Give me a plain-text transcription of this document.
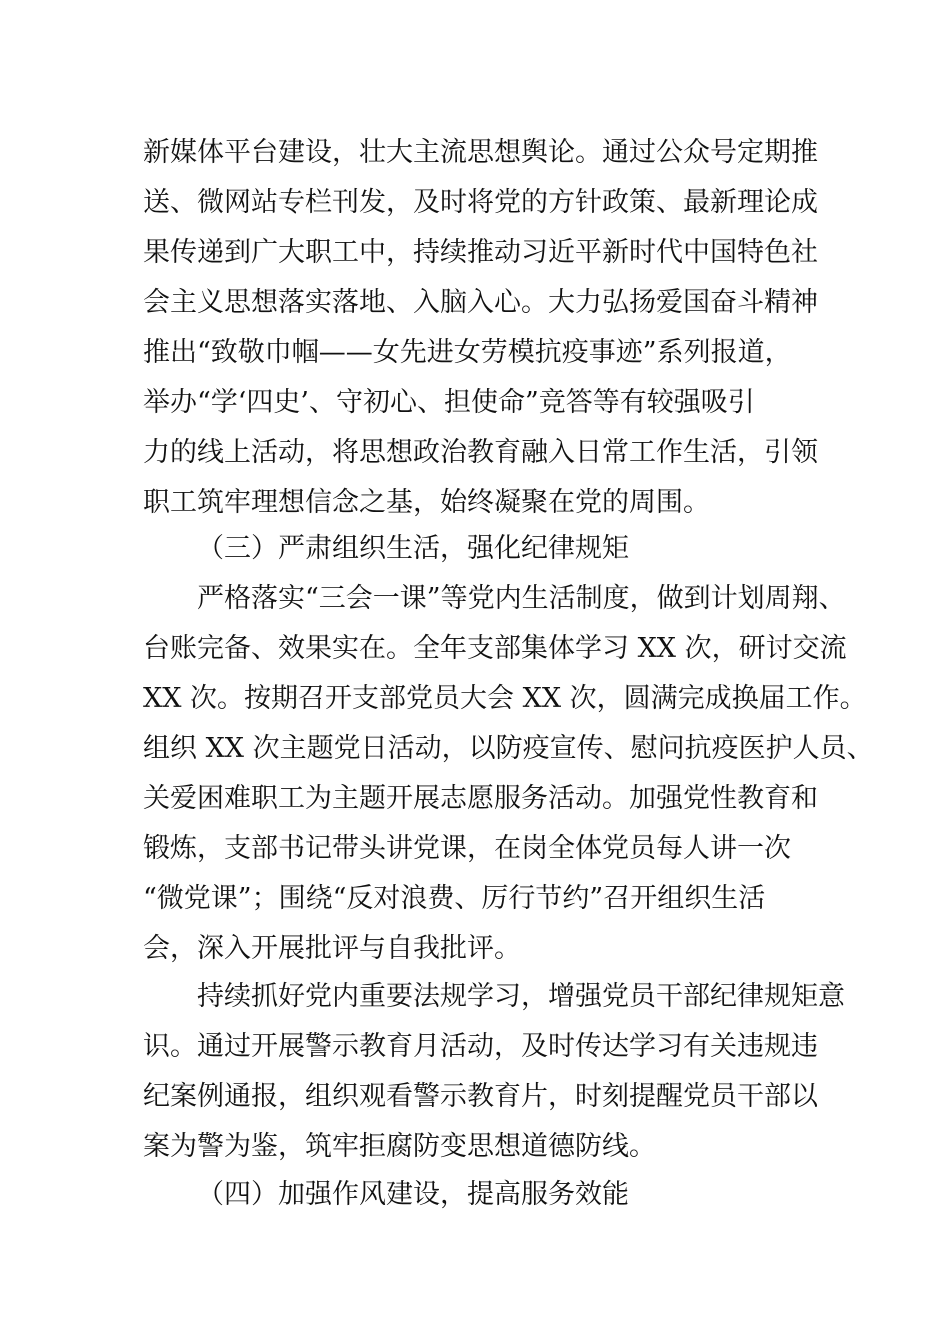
新媒体平台建设，壮大主流思想舆论。通过公众号定期推
送、微网站专栏刊发，及时将党的方针政策、最新理论成
果传递到广大职工中，持续推动习近平新时代中国特色社
会主义思想落实落地、入脑入心。大力弘扬爱国奋斗精神
推出“致敬巾帼——女先进女劳模抗疫事迹”系列报道，
举办“学‘四史’、守初心、担使命”竞答等有较强吸引
力的线上活动，将思想政治教育融入日常工作生活，引领
职工筑牢理想信念之基，始终凝聚在党的周围。
（三）严肃组织生活，强化纪律规矩
严格落实“三会一课”等党内生活制度，做到计划周翔、
台账完备、效果实在。全年支部集体学习 XX 次，研讨交流
XX 次。按期召开支部党员大会 XX 次，圆满完成换届工作。
组织 XX 次主题党日活动，以防疫宣传、慰问抗疫医护人员、
关爱困难职工为主题开展志愿服务活动。加强党性教育和
锻炼，支部书记带头讲党课，在岗全体党员每人讲一次
“微党课”；围绕“反对浪费、厉行节约”召开组织生活
会，深入开展批评与自我批评。
持续抓好党内重要法规学习，增强党员干部纪律规矩意
识。通过开展警示教育月活动，及时传达学习有关违规违
纪案例通报，组织观看警示教育片，时刻提醒党员干部以
案为警为鉴，筑牢拒腐防变思想道德防线。
（四）加强作风建设，提高服务效能
